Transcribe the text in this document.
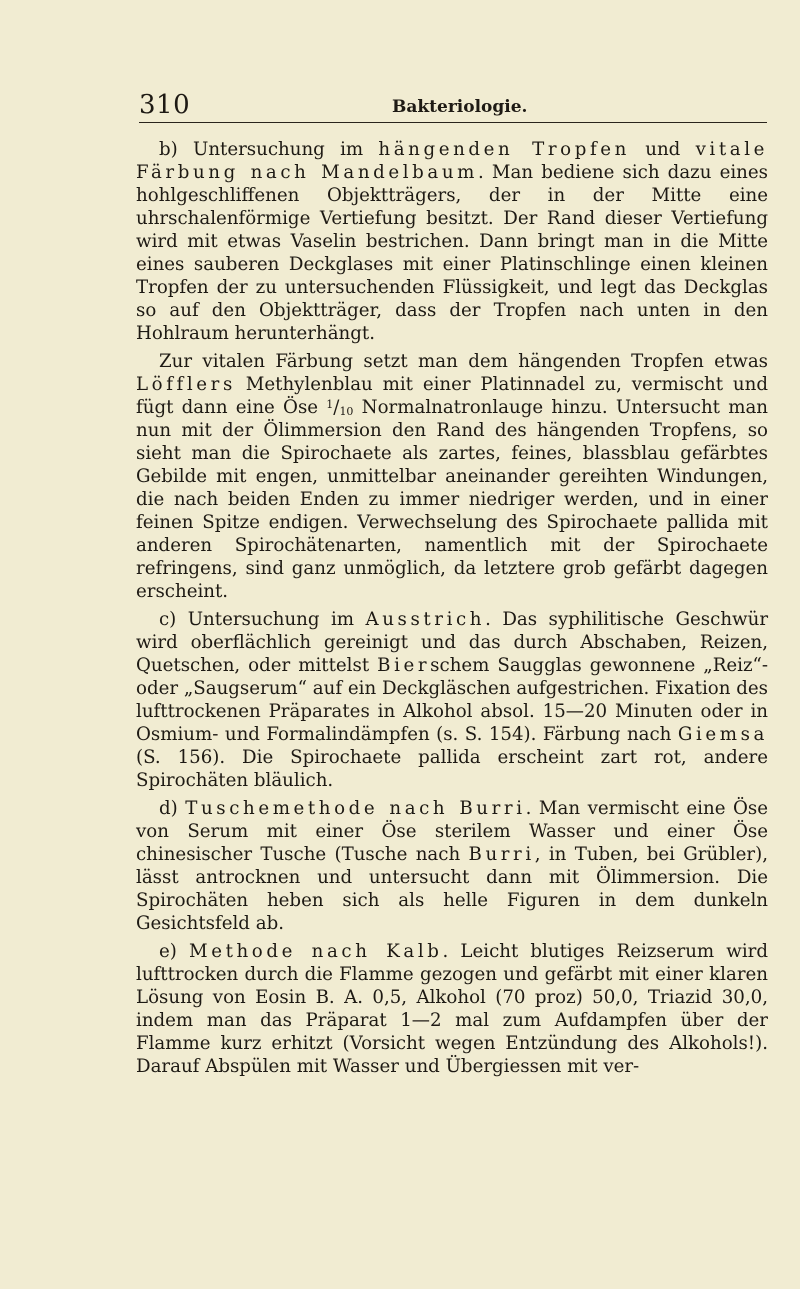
310	Bakteriologie.

b) Untersuchung im hängenden Tropfen und vitale Färbung nach Mandelbaum. Man bediene sich dazu eines hohlgeschliffenen Objektträgers, der in der Mitte eine uhrschalenförmige Vertiefung besitzt. Der Rand dieser Vertiefung wird mit etwas Vaselin bestrichen. Dann bringt man in die Mitte eines sauberen Deckglases mit einer Platinschlinge einen kleinen Tropfen der zu untersuchenden Flüssigkeit, und legt das Deckglas so auf den Objektträger, dass der Tropfen nach unten in den Hohlraum herunterhängt.

Zur vitalen Färbung setzt man dem hängenden Tropfen etwas Löfflers Methylenblau mit einer Platinnadel zu, vermischt und fügt dann eine Öse $^1/_{10}$ Normalnatronlauge hinzu. Untersucht man nun mit der Ölimmersion den Rand des hängenden Tropfens, so sieht man die Spirochaete als zartes, feines, blassblau gefärbtes Gebilde mit engen, unmittelbar aneinander gereihten Windungen, die nach beiden Enden zu immer niedriger werden, und in einer feinen Spitze endigen. Verwechselung des Spirochaete pallida mit anderen Spirochätenarten, namentlich mit der Spirochaete refringens, sind ganz unmöglich, da letztere grob gefärbt dagegen erscheint.

c) Untersuchung im Ausstrich. Das syphilitische Geschwür wird oberflächlich gereinigt und das durch Abschaben, Reizen, Quetschen, oder mittelst Bierschem Saugglas gewonnene „Reiz“- oder „Saugserum“ auf ein Deckgläschen aufgestrichen. Fixation des lufttrockenen Präparates in Alkohol absol. 15—20 Minuten oder in Osmium- und Formalindämpfen (s. S. 154). Färbung nach Giemsa (S. 156). Die Spirochaete pallida erscheint zart rot, andere Spirochäten bläulich.

d) Tuschemethode nach Burri. Man vermischt eine Öse von Serum mit einer Öse sterilem Wasser und einer Öse chinesischer Tusche (Tusche nach Burri, in Tuben, bei Grübler), lässt antrocknen und untersucht dann mit Ölimmersion. Die Spirochäten heben sich als helle Figuren in dem dunkeln Gesichtsfeld ab.

e) Methode nach Kalb. Leicht blutiges Reizserum wird lufttrocken durch die Flamme gezogen und gefärbt mit einer klaren Lösung von Eosin B. A. 0,5, Alkohol (70 proz) 50,0, Triazid 30,0, indem man das Präparat 1—2 mal zum Aufdampfen über der Flamme kurz erhitzt (Vorsicht wegen Entzündung des Alkohols!). Darauf Abspülen mit Wasser und Übergiessen mit ver-
